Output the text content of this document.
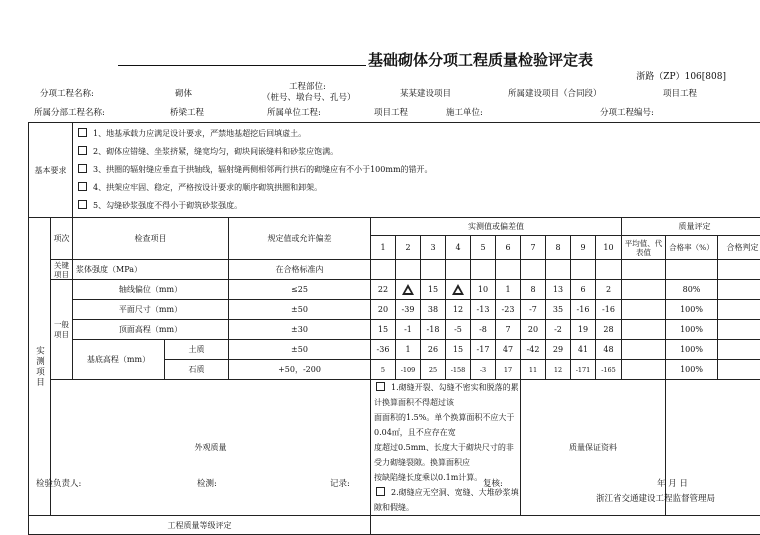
基础砌体分项工程质量检验评定表
浙路（ZP）106[808]
分项工程名称:	砌体
工程部位:
（桩号、墩台号、孔号）	某某建设项目	所属建设项目（合同段）	项目工程
所属分部工程名称:	桥梁工程	所属单位工程:	项目工程	施工单位:	分项工程编号:
基本要求		1、地基承载力应满足设计要求，严禁地基超挖后回填虚土。
2、砌体应错缝、坐浆挤紧，缝宽均匀，砌块间嵌缝料和砂浆应饱满。
3、拱圈的辐射缝应垂直于拱轴线，辐射缝两侧相邻两行拱石的砌缝应有不小于100mm的错开。
4、拱架应牢固、稳定，严格按设计要求的顺序砌筑拱圈和卸架。
5、勾缝砂浆强度不得小于砌筑砂浆强度。															

实测项目	项次	检查项目		规定值或允许偏差	实测值或偏差值										质量评定		
					1	2	3	4	5	6	7	8	9	10	平均值、代表值	合格率（%）	合格判定
	关键项目	浆体强度（MPa）		在合格标准内													
	一般项目	轴线偏位（mm）		≤25	22		15		10	1	8	13	6	2		80%	
		平面尺寸（mm）		±50	20	-39	38	12	-13	-23	-7	35	-16	-16		100%	
		顶面高程（mm）		±30	15	-1	-18	-5	-8	7	20	-2	19	28		100%	
		基底高程（mm）	土质	±50	-36	1	26	15	-17	47	-42	29	41	48		100%	
			石质	+50，-200	5	-109	25	-158	-3	17	11	12	-171	-165		100%	
	外观质量				1.砌缝开裂、勾缝不密实和脱落的累计换算面积不得超过该
面面积的1.5%。单个换算面积不应大于0.04㎡，且不应存在宽
度超过0.5mm、长度大于砌块尺寸的非受力砌缝裂隙。换算面积应
按缺陷缝长度乘以0.1m计算。
2.砌缝应无空洞、宽缝、大堆砂浆填隙和假缝。						质量保证资料						
工程质量等级评定																	
检验负责人:	检测:	记录:	复核:	年 月 日
浙江省交通建设工程监督管理局
